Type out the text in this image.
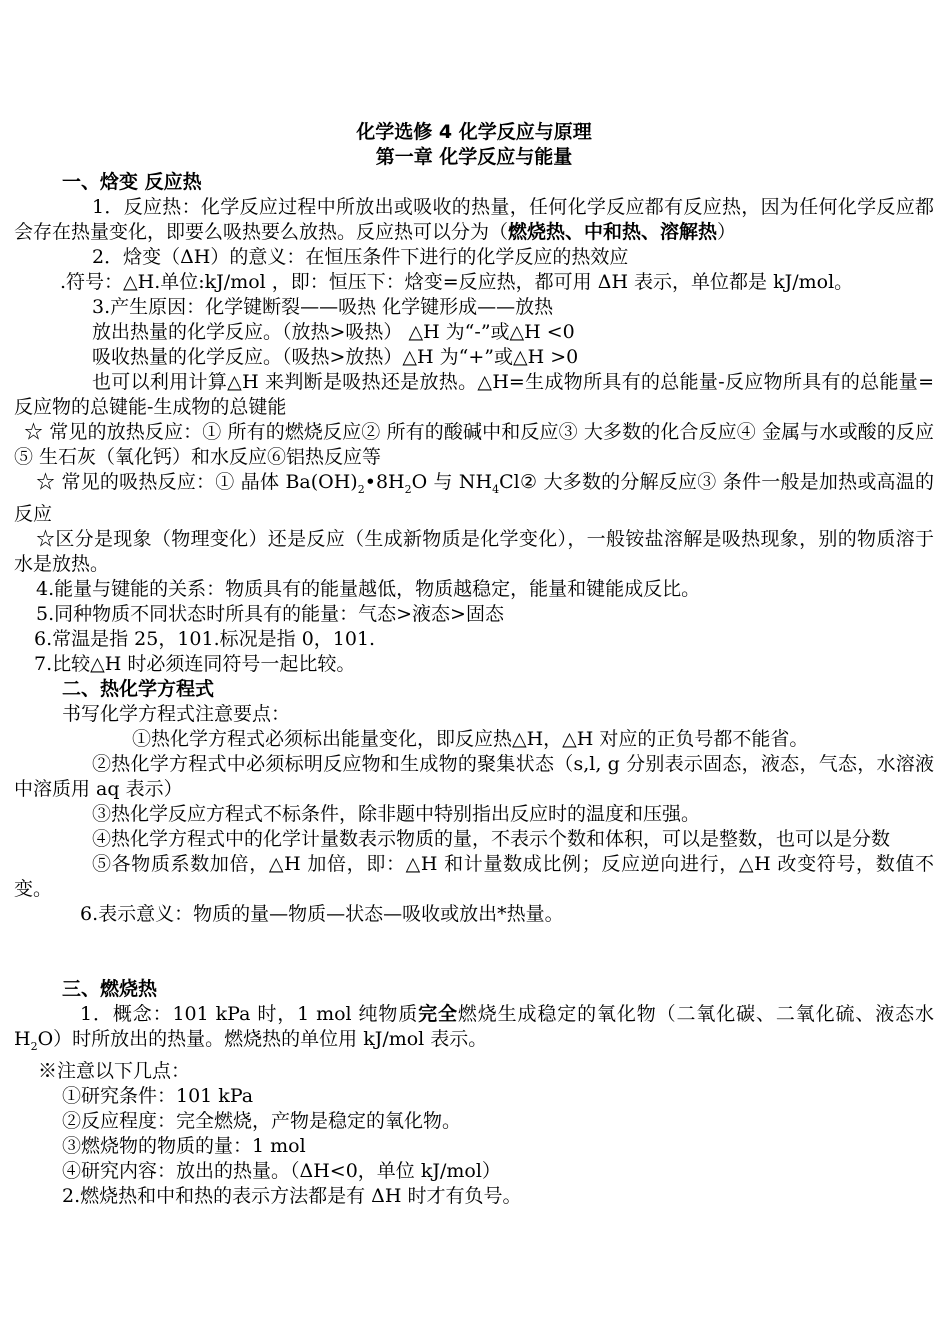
化学选修 4 化学反应与原理
第一章 化学反应与能量
一、焓变 反应热

1．反应热：化学反应过程中所放出或吸收的热量，任何化学反应都有反应热，因为任何化学反应都会存在热量变化，即要么吸热要么放热。反应热可以分为（燃烧热、中和热、溶解热）

2．焓变（ΔH）的意义：在恒压条件下进行的化学反应的热效应

.符号：△H.单位:kJ/mol ，即：恒压下：焓变=反应热，都可用 ΔH 表示，单位都是 kJ/mol。

3.产生原因：化学键断裂——吸热 化学键形成——放热

放出热量的化学反应。（放热>吸热） △H 为“-”或△H <0

吸收热量的化学反应。（吸热>放热）△H 为“+”或△H >0

也可以利用计算△H 来判断是吸热还是放热。△H=生成物所具有的总能量-反应物所具有的总能量=反应物的总键能-生成物的总键能

☆ 常见的放热反应：① 所有的燃烧反应② 所有的酸碱中和反应③ 大多数的化合反应④ 金属与水或酸的反应⑤ 生石灰（氧化钙）和水反应⑥铝热反应等

☆ 常见的吸热反应：① 晶体 $Ba(OH)_2•8H_2O$ 与 $NH_4Cl②$ 大多数的分解反应③ 条件一般是加热或高温的反应

☆区分是现象（物理变化）还是反应（生成新物质是化学变化），一般铵盐溶解是吸热现象，别的物质溶于水是放热。

4.能量与键能的关系：物质具有的能量越低，物质越稳定，能量和键能成反比。

5.同种物质不同状态时所具有的能量：气态>液态>固态

6.常温是指 25，101.标况是指 0，101.

7.比较△H 时必须连同符号一起比较。

二、热化学方程式

书写化学方程式注意要点：

①热化学方程式必须标出能量变化，即反应热△H，△H 对应的正负号都不能省。

②热化学方程式中必须标明反应物和生成物的聚集状态（s,l, g 分别表示固态，液态，气态，水溶液中溶质用 aq 表示）

③热化学反应方程式不标条件，除非题中特别指出反应时的温度和压强。

④热化学方程式中的化学计量数表示物质的量，不表示个数和体积，可以是整数，也可以是分数

⑤各物质系数加倍，△H 加倍，即：△H 和计量数成比例；反应逆向进行，△H 改变符号，数值不变。

6.表示意义：物质的量—物质—状态—吸收或放出*热量。

三、燃烧热

1．概念：101 kPa 时，1 mol 纯物质完全燃烧生成稳定的氧化物（二氧化碳、二氧化硫、液态水 $H_2O$）时所放出的热量。燃烧热的单位用 kJ/mol 表示。

※注意以下几点：

①研究条件：101 kPa

②反应程度：完全燃烧，产物是稳定的氧化物。

③燃烧物的物质的量：1 mol

④研究内容：放出的热量。（ΔH<0，单位 kJ/mol）

2.燃烧热和中和热的表示方法都是有 ΔH 时才有负号。
